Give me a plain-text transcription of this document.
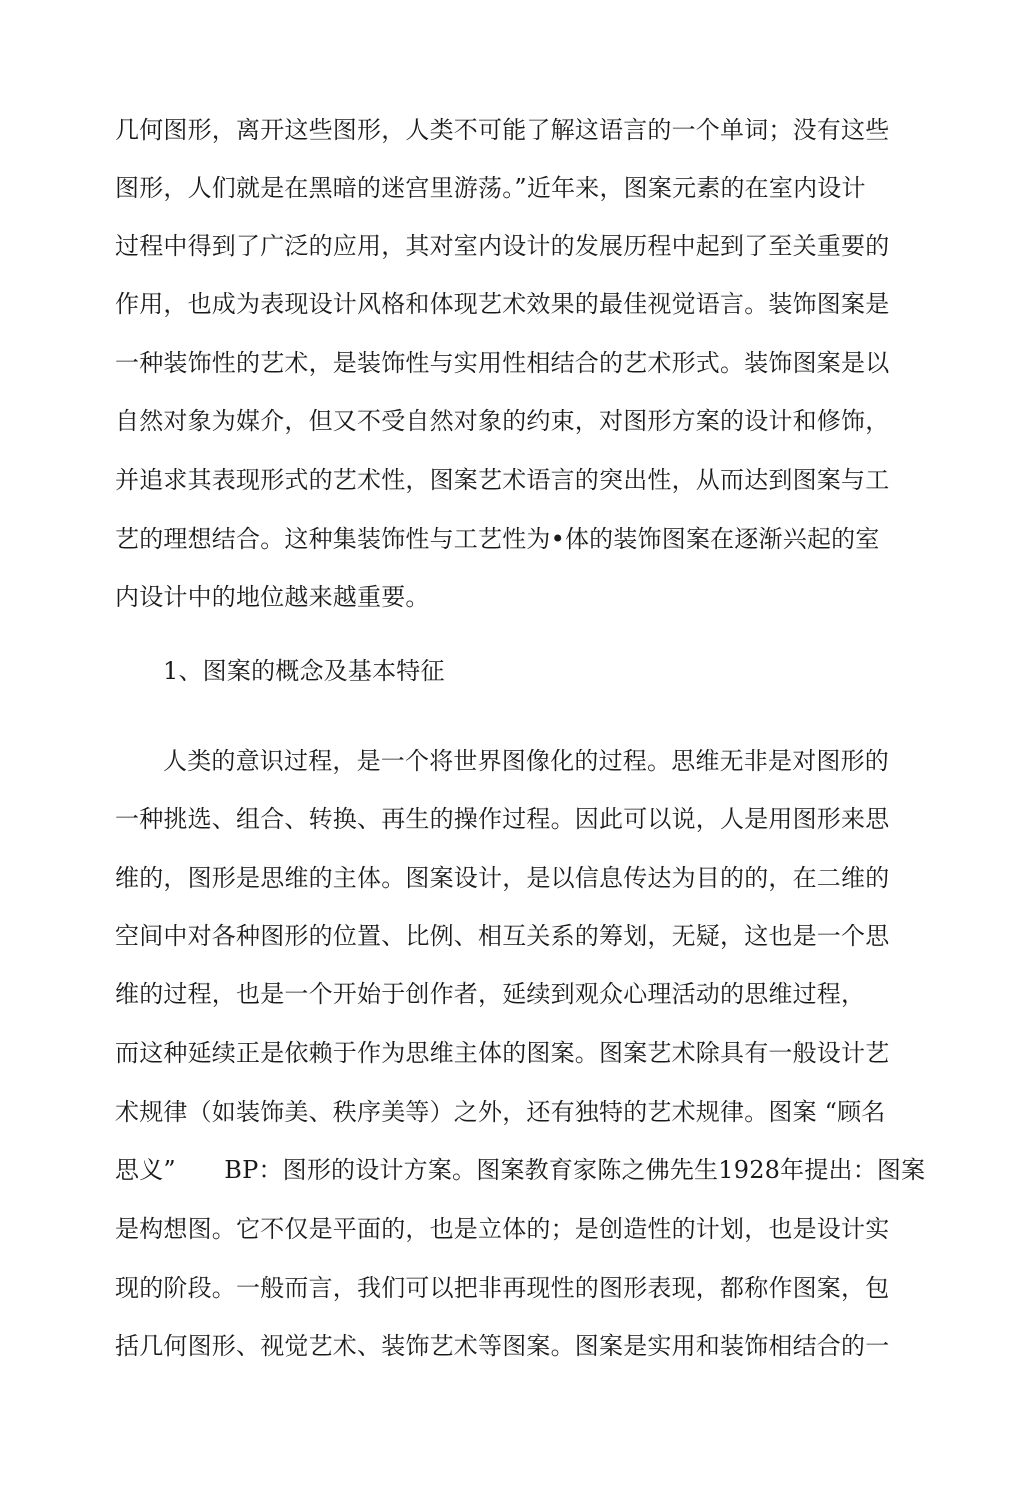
几何图形，离开这些图形，人类不可能了解这语言的一个单词；没有这些
图形，人们就是在黑暗的迷宫里游荡。”近年来，图案元素的在室内设计
过程中得到了广泛的应用，其对室内设计的发展历程中起到了至关重要的
作用，也成为表现设计风格和体现艺术效果的最佳视觉语言。装饰图案是
一种装饰性的艺术，是装饰性与实用性相结合的艺术形式。装饰图案是以
自然对象为媒介，但又不受自然对象的约束，对图形方案的设计和修饰，
并追求其表现形式的艺术性，图案艺术语言的突出性，从而达到图案与工
艺的理想结合。这种集装饰性与工艺性为•体的装饰图案在逐渐兴起的室
内设计中的地位越来越重要。
1、图案的概念及基本特征
人类的意识过程，是一个将世界图像化的过程。思维无非是对图形的
一种挑选、组合、转换、再生的操作过程。因此可以说，人是用图形来思
维的，图形是思维的主体。图案设计，是以信息传达为目的的，在二维的
空间中对各种图形的位置、比例、相互关系的筹划，无疑，这也是一个思
维的过程，也是一个开始于创作者，延续到观众心理活动的思维过程，
而这种延续正是依赖于作为思维主体的图案。图案艺术除具有一般设计艺
术规律（如装饰美、秩序美等）之外，还有独特的艺术规律。图案 “顾名
思义”　　BP：图形的设计方案。图案教育家陈之佛先生1928年提出：图案
是构想图。它不仅是平面的，也是立体的；是创造性的计划，也是设计实
现的阶段。一般而言，我们可以把非再现性的图形表现，都称作图案，包
括几何图形、视觉艺术、装饰艺术等图案。图案是实用和装饰相结合的一
